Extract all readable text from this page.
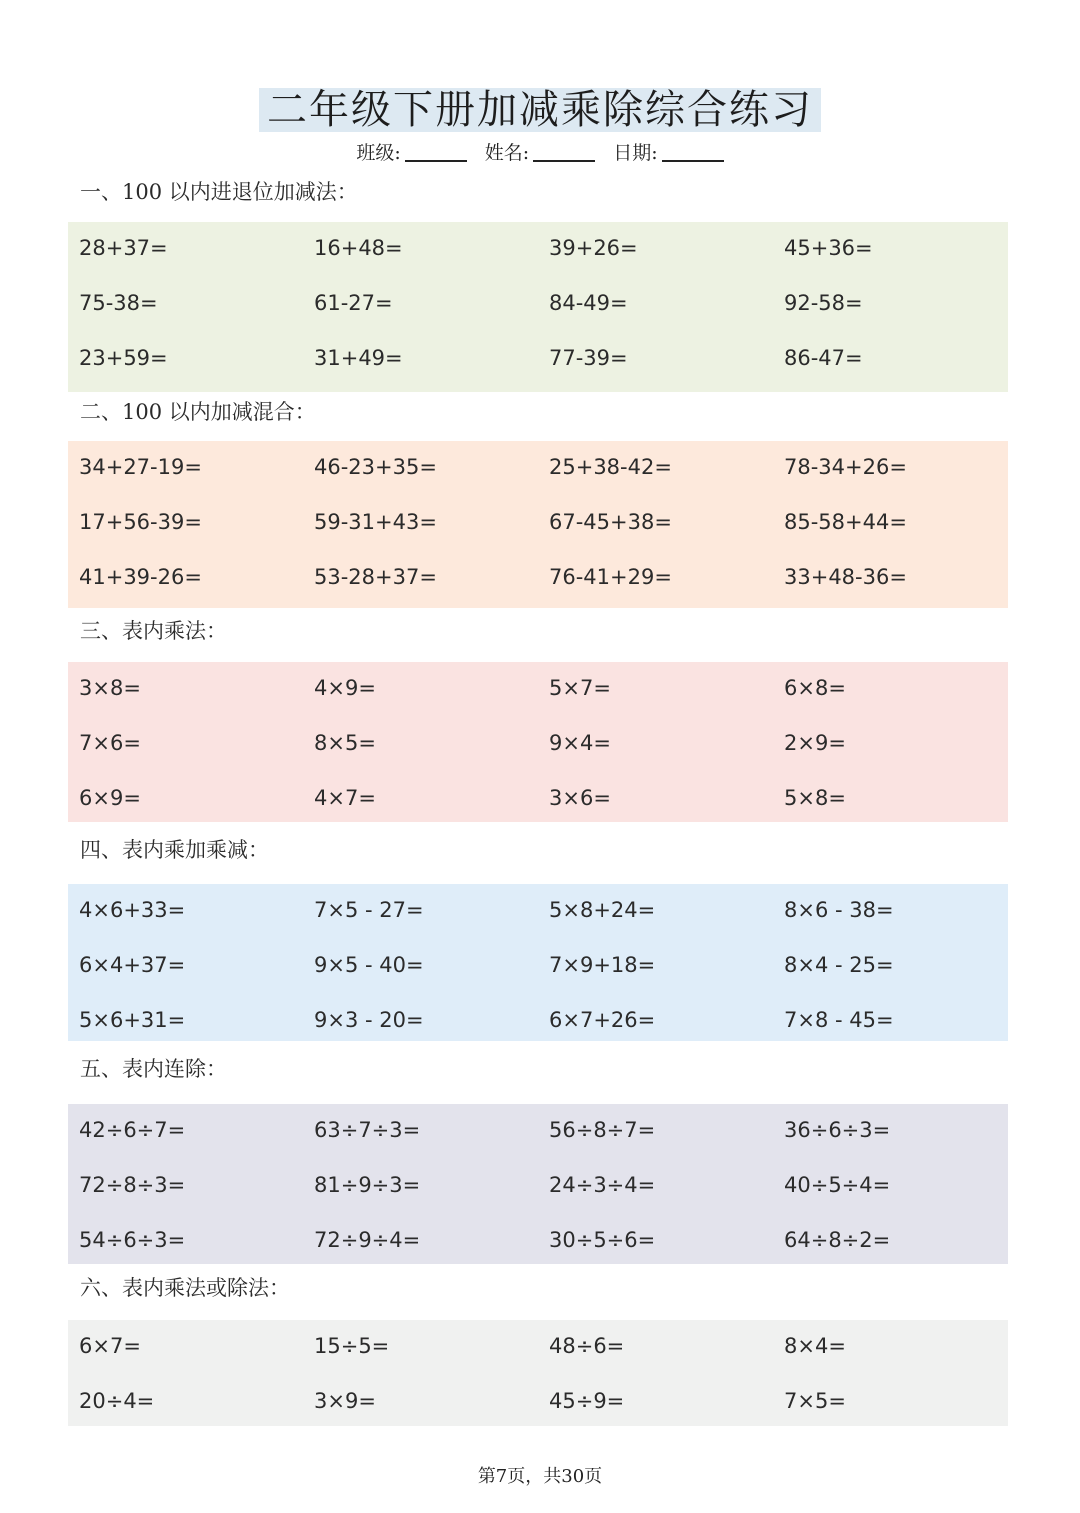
二年级下册加减乘除综合练习
班级:	姓名:	日期:
一、100 以内进退位加减法：
28+37=	16+48=	39+26=	45+36=
75-38=	61-27=	84-49=	92-58=
23+59=	31+49=	77-39=	86-47=
二、100 以内加减混合：
34+27-19=	46-23+35=	25+38-42=	78-34+26=
17+56-39=	59-31+43=	67-45+38=	85-58+44=
41+39-26=	53-28+37=	76-41+29=	33+48-36=
三、表内乘法：
3×8=	4×9=	5×7=	6×8=
7×6=	8×5=	9×4=	2×9=
6×9=	4×7=	3×6=	5×8=
四、表内乘加乘减：
4×6+33=	7×5 - 27=	5×8+24=	8×6 - 38=
6×4+37=	9×5 - 40=	7×9+18=	8×4 - 25=
5×6+31=	9×3 - 20=	6×7+26=	7×8 - 45=
五、表内连除：
42÷6÷7=	63÷7÷3=	56÷8÷7=	36÷6÷3=
72÷8÷3=	81÷9÷3=	24÷3÷4=	40÷5÷4=
54÷6÷3=	72÷9÷4=	30÷5÷6=	64÷8÷2=
六、表内乘法或除法：
6×7=	15÷5=	48÷6=	8×4=
20÷4=	3×9=	45÷9=	7×5=
第7页，共30页
